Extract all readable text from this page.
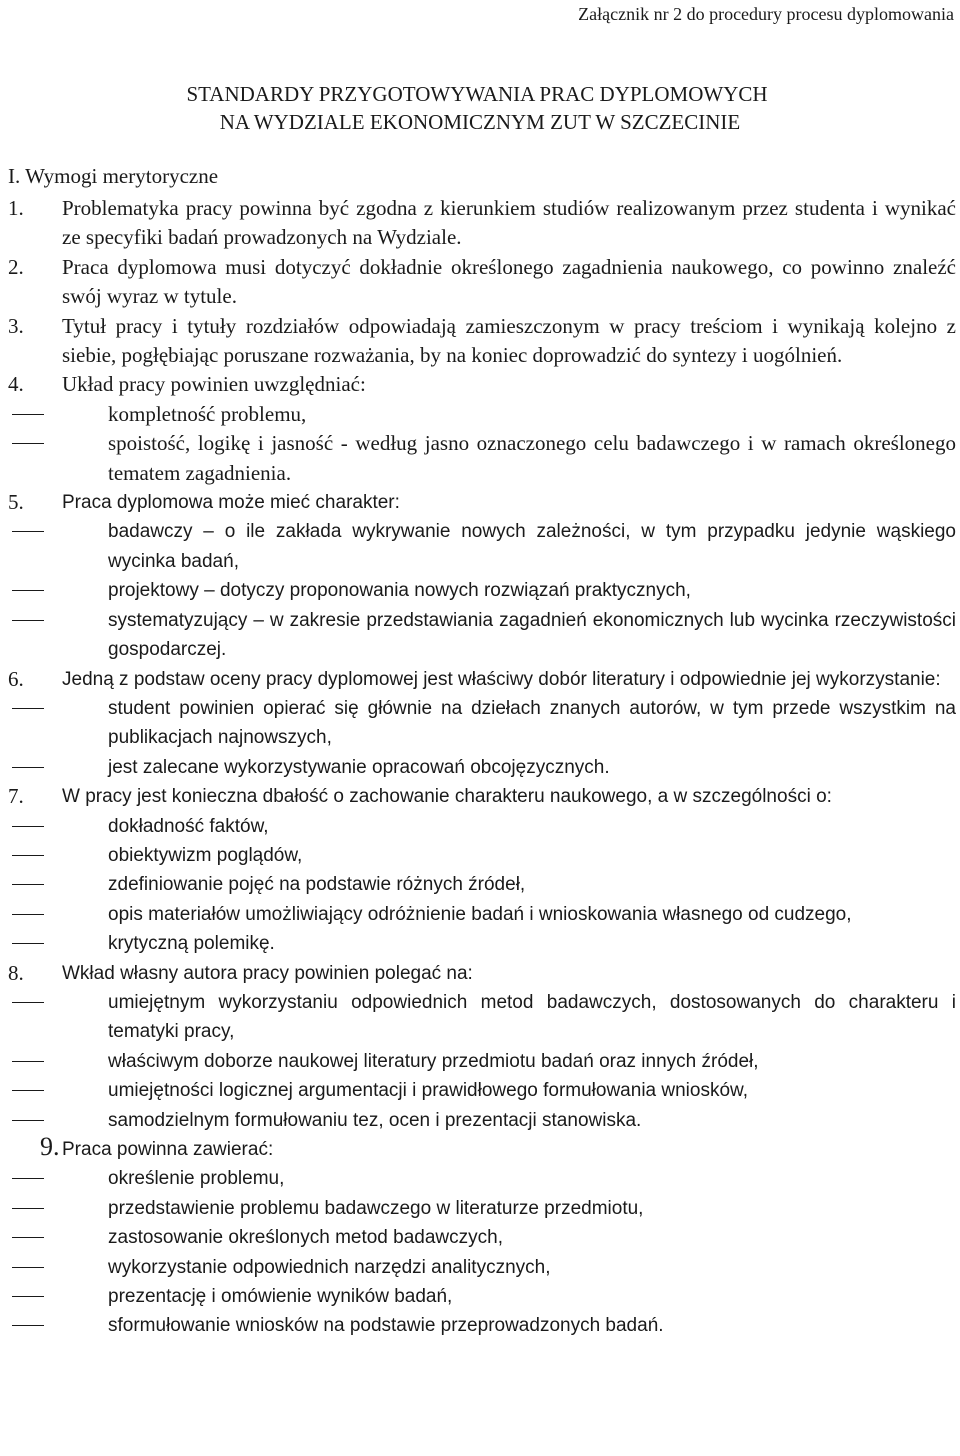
Załącznik nr 2 do procedury procesu dyplomowania
STANDARDY PRZYGOTOWYWANIA PRAC DYPLOMOWYCH
NA WYDZIALE EKONOMICZNYM ZUT W SZCZECINIE
I. Wymogi merytoryczne
1. Problematyka pracy powinna być zgodna z kierunkiem studiów realizowanym przez studenta i wynikać ze specyfiki badań prowadzonych na Wydziale.
2. Praca dyplomowa musi dotyczyć dokładnie określonego zagadnienia naukowego, co powinno znaleźć swój wyraz w tytule.
3. Tytuł pracy i tytuły rozdziałów odpowiadają zamieszczonym w pracy treściom i wynikają kolejno z siebie, pogłębiając poruszane rozważania, by na koniec doprowadzić do syntezy i uogólnień.
4. Układ pracy powinien uwzględniać:
kompletność problemu,
spoistość, logikę i jasność - według jasno oznaczonego celu badawczego i w ramach określonego tematem zagadnienia.
5. Praca dyplomowa może mieć charakter:
badawczy – o ile zakłada wykrywanie nowych zależności, w tym przypadku jedynie wąskiego wycinka badań,
projektowy – dotyczy proponowania nowych rozwiązań praktycznych,
systematyzujący – w zakresie przedstawiania zagadnień ekonomicznych lub wycinka rzeczywistości gospodarczej.
6. Jedną z podstaw oceny pracy dyplomowej jest właściwy dobór literatury i odpowiednie jej wykorzystanie:
student powinien opierać się głównie na dziełach znanych autorów, w tym przede wszystkim na publikacjach najnowszych,
jest zalecane wykorzystywanie opracowań obcojęzycznych.
7. W pracy jest konieczna dbałość o zachowanie charakteru naukowego, a w szczególności o:
dokładność faktów,
obiektywizm poglądów,
zdefiniowanie pojęć na podstawie różnych źródeł,
opis materiałów umożliwiający odróżnienie badań i wnioskowania własnego od cudzego,
krytyczną polemikę.
8. Wkład własny autora pracy powinien polegać na:
umiejętnym wykorzystaniu odpowiednich metod badawczych, dostosowanych do charakteru i tematyki pracy,
właściwym doborze naukowej literatury przedmiotu badań oraz innych źródeł,
umiejętności logicznej argumentacji i prawidłowego formułowania wniosków,
samodzielnym formułowaniu tez, ocen i prezentacji stanowiska.
9. Praca powinna zawierać:
określenie problemu,
przedstawienie problemu badawczego w literaturze przedmiotu,
zastosowanie określonych metod badawczych,
wykorzystanie odpowiednich narzędzi analitycznych,
prezentację i omówienie wyników badań,
sformułowanie wniosków na podstawie przeprowadzonych badań.
